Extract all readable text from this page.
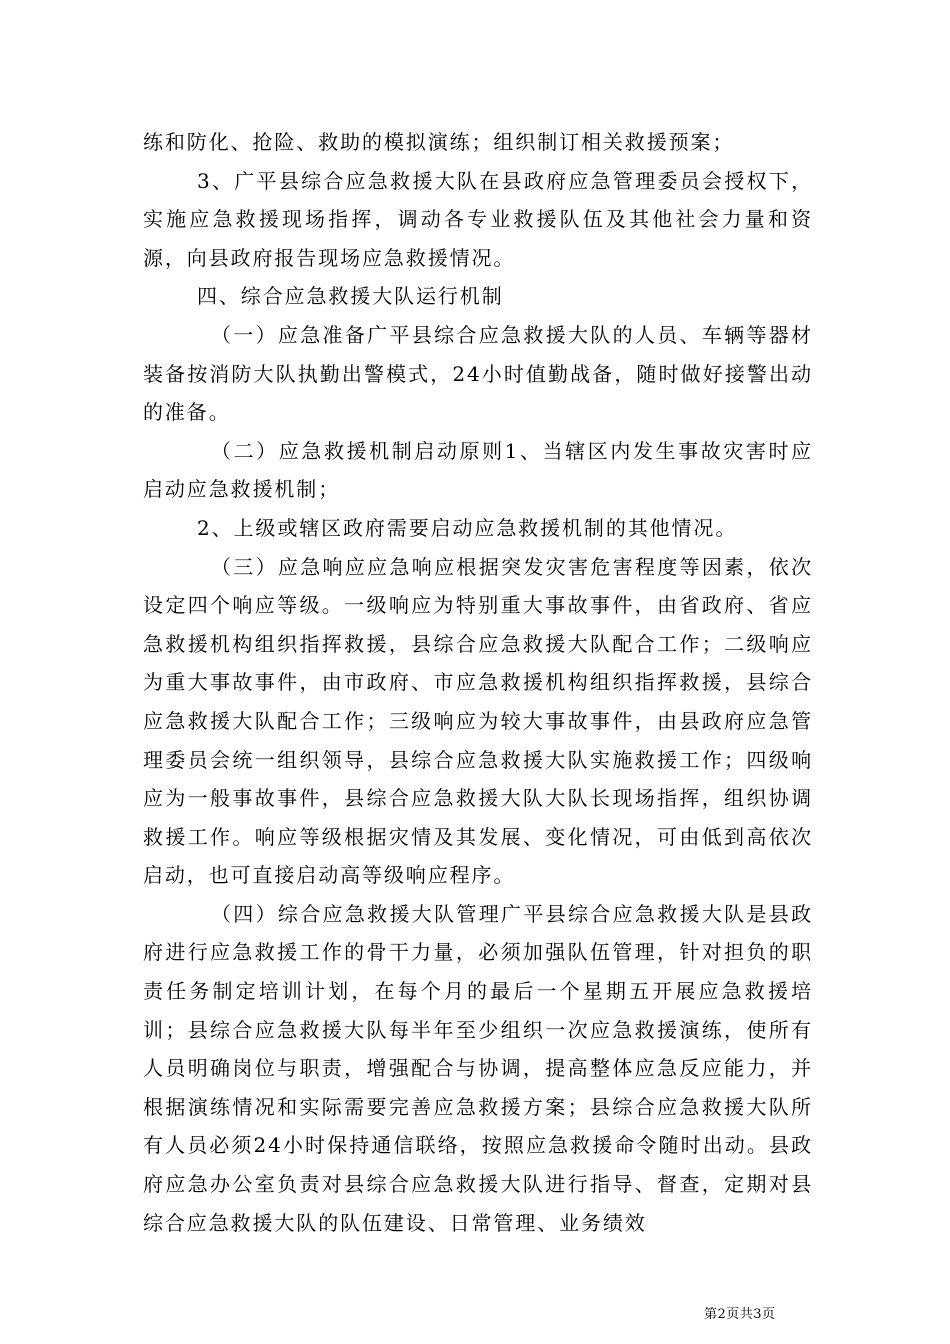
练和防化、抢险、救助的模拟演练；组织制订相关救援预案；

3、广平县综合应急救援大队在县政府应急管理委员会授权下，实施应急救援现场指挥，调动各专业救援队伍及其他社会力量和资源，向县政府报告现场应急救援情况。

四、综合应急救援大队运行机制

（一）应急准备广平县综合应急救援大队的人员、车辆等器材装备按消防大队执勤出警模式，24小时值勤战备，随时做好接警出动的准备。

（二）应急救援机制启动原则1、当辖区内发生事故灾害时应启动应急救援机制；

2、上级或辖区政府需要启动应急救援机制的其他情况。

（三）应急响应应急响应根据突发灾害危害程度等因素，依次设定四个响应等级。一级响应为特别重大事故事件，由省政府、省应急救援机构组织指挥救援，县综合应急救援大队配合工作；二级响应为重大事故事件，由市政府、市应急救援机构组织指挥救援，县综合应急救援大队配合工作；三级响应为较大事故事件，由县政府应急管理委员会统一组织领导，县综合应急救援大队实施救援工作；四级响应为一般事故事件，县综合应急救援大队大队长现场指挥，组织协调救援工作。响应等级根据灾情及其发展、变化情况，可由低到高依次启动，也可直接启动高等级响应程序。

（四）综合应急救援大队管理广平县综合应急救援大队是县政府进行应急救援工作的骨干力量，必须加强队伍管理，针对担负的职责任务制定培训计划，在每个月的最后一个星期五开展应急救援培训；县综合应急救援大队每半年至少组织一次应急救援演练，使所有人员明确岗位与职责，增强配合与协调，提高整体应急反应能力，并根据演练情况和实际需要完善应急救援方案；县综合应急救援大队所有人员必须24小时保持通信联络，按照应急救援命令随时出动。县政府应急办公室负责对县综合应急救援大队进行指导、督查，定期对县综合应急救援大队的队伍建设、日常管理、业务绩效

第2页共3页
